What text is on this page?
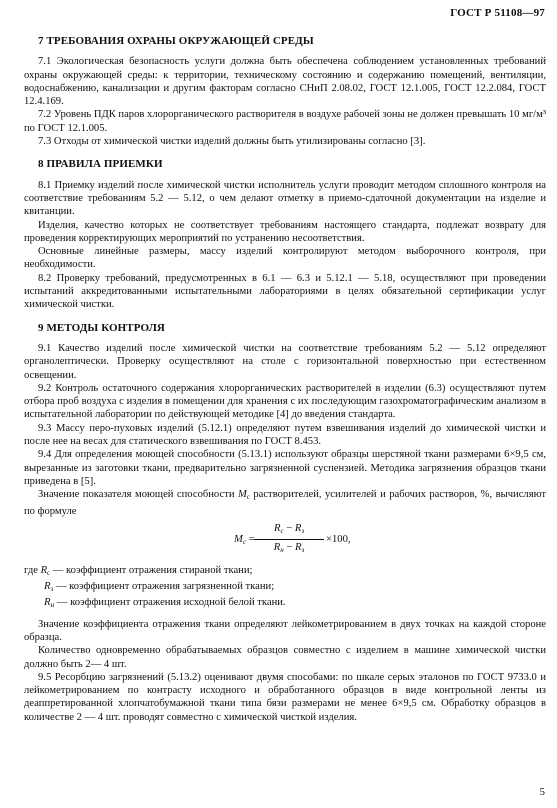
ГОСТ Р 51108—97
7 ТРЕБОВАНИЯ ОХРАНЫ ОКРУЖАЮЩЕЙ СРЕДЫ

7.1 Экологическая безопасность услуги должна быть обеспечена соблюдением установленных требований охраны окружающей среды: к территории, техническому состоянию и содержанию помещений, вентиляции, водоснабжению, канализации и другим факторам согласно СНиП 2.08.02, ГОСТ 12.1.005, ГОСТ 12.2.084, ГОСТ 12.4.169.

7.2 Уровень ПДК паров хлорорганического растворителя в воздухе рабочей зоны не должен превышать 10 мг/м³ по ГОСТ 12.1.005.

7.3 Отходы от химической чистки изделий должны быть утилизированы согласно [3].

8 ПРАВИЛА ПРИЕМКИ

8.1 Приемку изделий после химической чистки исполнитель услуги проводит методом сплошного контроля на соответствие требованиям 5.2 — 5.12, о чем делают отметку в приемо-сдаточной документации на изделие и квитанции.

Изделия, качество которых не соответствует требованиям настоящего стандарта, подлежат возврату для проведения корректирующих мероприятий по устранению несоответствия.

Основные линейные размеры, массу изделий контролируют методом выборочного контроля, при необходимости.

8.2 Проверку требований, предусмотренных в 6.1 — 6.3 и 5.12.1 — 5.18, осуществляют при проведении испытаний аккредитованными испытательными лабораториями в целях обязательной сертификации услуг химической чистки.

9 МЕТОДЫ КОНТРОЛЯ

9.1 Качество изделий после химической чистки на соответствие требованиям 5.2 — 5.12 определяют органолептически. Проверку осуществляют на столе с горизонтальной поверхностью при естественном освещении.

9.2 Контроль остаточного содержания хлорорганических растворителей в изделии (6.3) осуществляют путем отбора проб воздуха с изделия в помещении для хранения с их последующим газохроматографическим анализом в испытательной лаборатории по действующей методике [4] до введения стандарта.

9.3 Массу перо-пуховых изделий (5.12.1) определяют путем взвешивания изделий до химической чистки и после нее на весах для статического взвешивания по ГОСТ 8.453.

9.4 Для определения моющей способности (5.13.1) используют образцы шерстяной ткани размерами 6×9,5 см, вырезанные из заготовки ткани, предварительно загрязненной суспензией. Методика загрязнения образцов ткани приведена в [5].

Значение показателя моющей способности $M_c$ растворителей, усилителей и рабочих растворов, %, вычисляют по формуле

$M_c$ =
$R_c - R_з$
$R_н - R_з$
×100,

где $R_c$ — коэффициент отражения стираной ткани;

$R_з$ — коэффициент отражения загрязненной ткани;

$R_н$ — коэффициент отражения исходной белой ткани.

Значение коэффициента отражения ткани определяют лейкометрированием в двух точках на каждой стороне образца.

Количество одновременно обрабатываемых образцов совместно с изделием в машине химической чистки должно быть 2— 4 шт.

9.5 Ресорбцию загрязнений (5.13.2) оценивают двумя способами: по шкале серых эталонов по ГОСТ 9733.0 и лейкометрированием по контрасту исходного и обработанного образцов в виде контрольной ленты из деаппретированной хлопчатобумажной ткани типа бязи размерами не менее 6×9,5 см. Обработку образцов в количестве 2 — 4 шт. проводят совместно с химической чисткой изделия.

5
